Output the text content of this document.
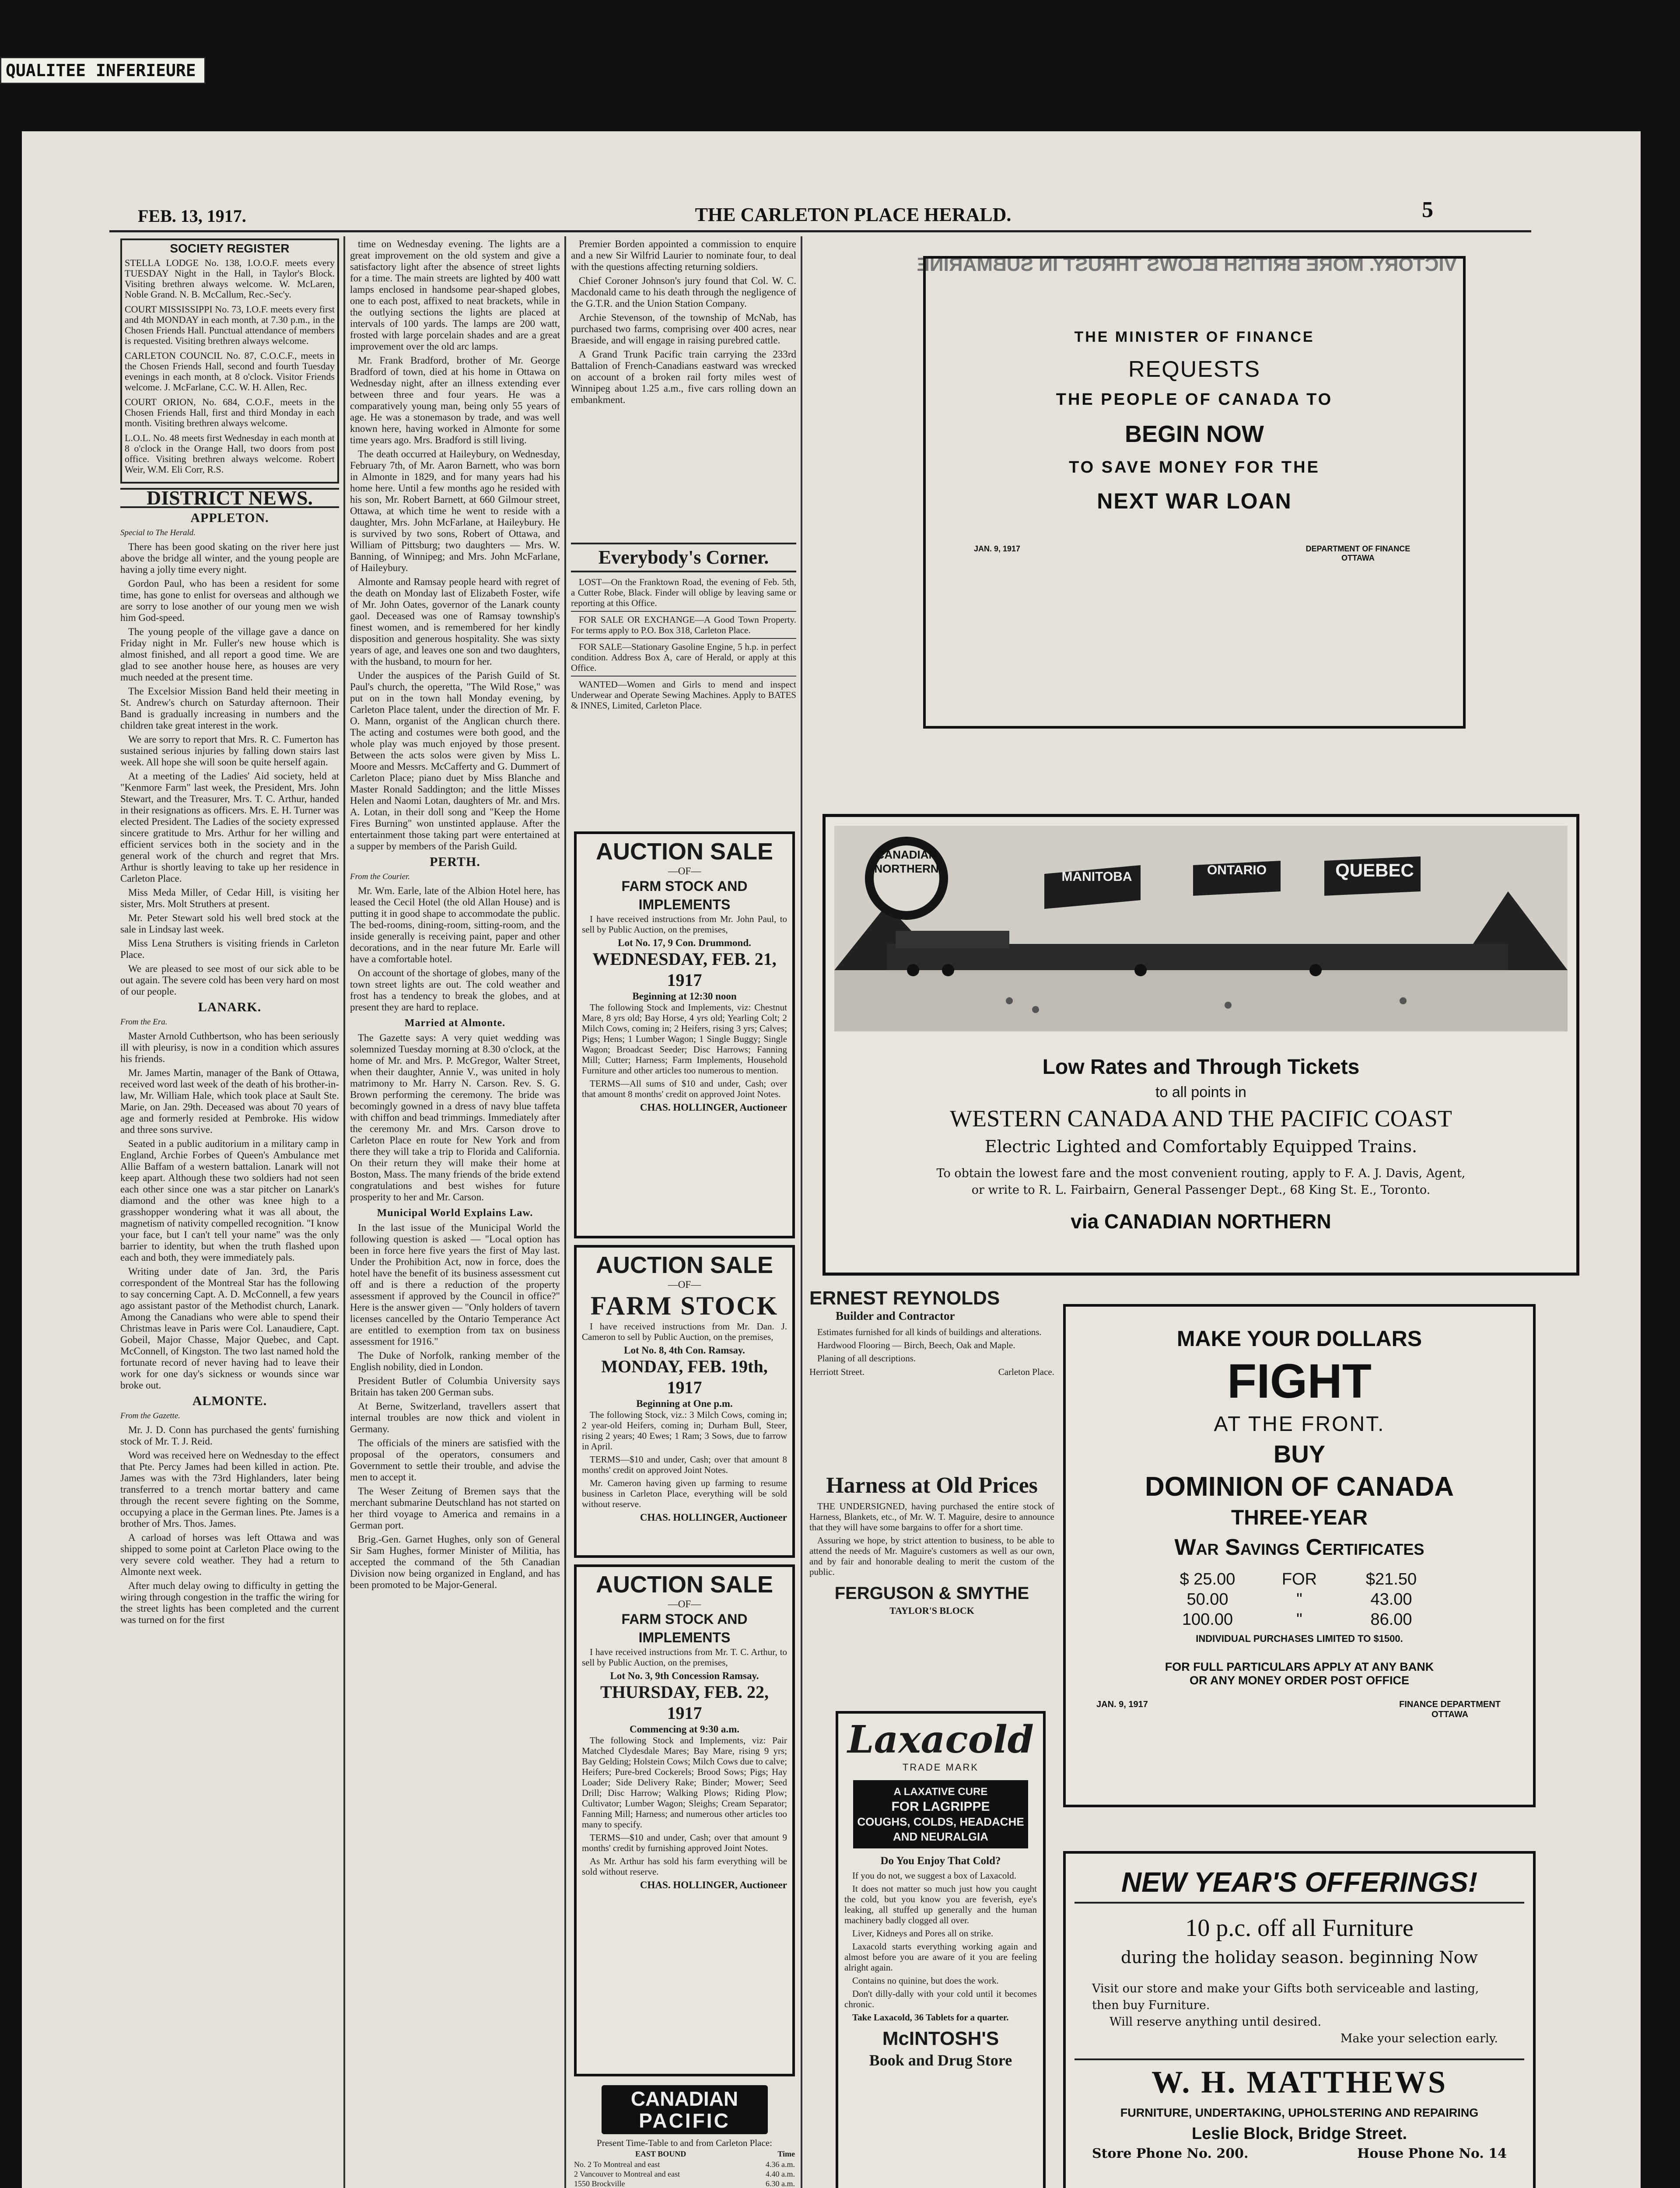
QUALITEE INFERIEURE
FEB. 13, 1917.	THE CARLETON PLACE HERALD.	5
VICTORY. MORE BRITISH BLOWS THRUST IN SUBMARINE
SOCIETY REGISTER
STELLA LODGE No. 138, I.O.O.F. meets every TUESDAY Night in the Hall, in Taylor's Block. Visiting brethren always welcome. W. McLaren, Noble Grand. N. B. McCallum, Rec.-Sec'y.
COURT MISSISSIPPI No. 73, I.O.F. meets every first and 4th MONDAY in each month, at 7.30 p.m., in the Chosen Friends Hall. Punctual attendance of members is requested. Visiting brethren always welcome.
CARLETON COUNCIL No. 87, C.O.C.F., meets in the Chosen Friends Hall, second and fourth Tuesday evenings in each month, at 8 o'clock. Visitor Friends welcome. J. McFarlane, C.C. W. H. Allen, Rec.
COURT ORION, No. 684, C.O.F., meets in the Chosen Friends Hall, first and third Monday in each month. Visiting brethren always welcome.
L.O.L. No. 48 meets first Wednesday in each month at 8 o'clock in the Orange Hall, two doors from post office. Visiting brethren always welcome. Robert Weir, W.M. Eli Corr, R.S.
DISTRICT NEWS.
APPLETON.

Special to The Herald.

There has been good skating on the river here just above the bridge all winter, and the young people are having a jolly time every night.

Gordon Paul, who has been a resident for some time, has gone to enlist for overseas and although we are sorry to lose another of our young men we wish him God-speed.

The young people of the village gave a dance on Friday night in Mr. Fuller's new house which is almost finished, and all report a good time. We are glad to see another house here, as houses are very much needed at the present time.

The Excelsior Mission Band held their meeting in St. Andrew's church on Saturday afternoon. Their Band is gradually increasing in numbers and the children take great interest in the work.

We are sorry to report that Mrs. R. C. Fumerton has sustained serious injuries by falling down stairs last week. All hope she will soon be quite herself again.

At a meeting of the Ladies' Aid society, held at "Kenmore Farm" last week, the President, Mrs. John Stewart, and the Treasurer, Mrs. T. C. Arthur, handed in their resignations as officers. Mrs. E. H. Turner was elected President. The Ladies of the society expressed sincere gratitude to Mrs. Arthur for her willing and efficient services both in the society and in the general work of the church and regret that Mrs. Arthur is shortly leaving to take up her residence in Carleton Place.

Miss Meda Miller, of Cedar Hill, is visiting her sister, Mrs. Molt Struthers at present.

Mr. Peter Stewart sold his well bred stock at the sale in Lindsay last week.

Miss Lena Struthers is visiting friends in Carleton Place.

We are pleased to see most of our sick able to be out again. The severe cold has been very hard on most of our people.

LANARK.

From the Era.

Master Arnold Cuthbertson, who has been seriously ill with pleurisy, is now in a condition which assures his friends.

Mr. James Martin, manager of the Bank of Ottawa, received word last week of the death of his brother-in-law, Mr. William Hale, which took place at Sault Ste. Marie, on Jan. 29th. Deceased was about 70 years of age and formerly resided at Pembroke. His widow and three sons survive.

Seated in a public auditorium in a military camp in England, Archie Forbes of Queen's Ambulance met Allie Baffam of a western battalion. Lanark will not keep apart. Although these two soldiers had not seen each other since one was a star pitcher on Lanark's diamond and the other was knee high to a grasshopper wondering what it was all about, the magnetism of nativity compelled recognition. "I know your face, but I can't tell your name" was the only barrier to identity, but when the truth flashed upon each and both, they were immediately pals.

Writing under date of Jan. 3rd, the Paris correspondent of the Montreal Star has the following to say concerning Capt. A. D. McConnell, a few years ago assistant pastor of the Methodist church, Lanark. Among the Canadians who were able to spend their Christmas leave in Paris were Col. Lanaudiere, Capt. Gobeil, Major Chasse, Major Quebec, and Capt. McConnell, of Kingston. The two last named hold the fortunate record of never having had to leave their work for one day's sickness or wounds since war broke out.

ALMONTE.

From the Gazette.

Mr. J. D. Conn has purchased the gents' furnishing stock of Mr. T. J. Reid.

Word was received here on Wednesday to the effect that Pte. Percy James had been killed in action. Pte. James was with the 73rd Highlanders, later being transferred to a trench mortar battery and came through the recent severe fighting on the Somme, occupying a place in the German lines. Pte. James is a brother of Mrs. Thos. James.

A carload of horses was left Ottawa and was shipped to some point at Carleton Place owing to the very severe cold weather. They had a return to Almonte next week.

After much delay owing to difficulty in getting the wiring through congestion in the traffic the wiring for the street lights has been completed and the current was turned on for the first

time on Wednesday evening. The lights are a great improvement on the old system and give a satisfactory light after the absence of street lights for a time. The main streets are lighted by 400 watt lamps enclosed in handsome pear-shaped globes, one to each post, affixed to neat brackets, while in the outlying sections the lights are placed at intervals of 100 yards. The lamps are 200 watt, frosted with large porcelain shades and are a great improvement over the old arc lamps.

Mr. Frank Bradford, brother of Mr. George Bradford of town, died at his home in Ottawa on Wednesday night, after an illness extending ever between three and four years. He was a comparatively young man, being only 55 years of age. He was a stonemason by trade, and was well known here, having worked in Almonte for some time years ago. Mrs. Bradford is still living.

The death occurred at Haileybury, on Wednesday, February 7th, of Mr. Aaron Barnett, who was born in Almonte in 1829, and for many years had his home here. Until a few months ago he resided with his son, Mr. Robert Barnett, at 660 Gilmour street, Ottawa, at which time he went to reside with a daughter, Mrs. John McFarlane, at Haileybury. He is survived by two sons, Robert of Ottawa, and William of Pittsburg; two daughters — Mrs. W. Banning, of Winnipeg; and Mrs. John McFarlane, of Haileybury.

Almonte and Ramsay people heard with regret of the death on Monday last of Elizabeth Foster, wife of Mr. John Oates, governor of the Lanark county gaol. Deceased was one of Ramsay township's finest women, and is remembered for her kindly disposition and generous hospitality. She was sixty years of age, and leaves one son and two daughters, with the husband, to mourn for her.

Under the auspices of the Parish Guild of St. Paul's church, the operetta, "The Wild Rose," was put on in the town hall Monday evening, by Carleton Place talent, under the direction of Mr. F. O. Mann, organist of the Anglican church there. The acting and costumes were both good, and the whole play was much enjoyed by those present. Between the acts solos were given by Miss L. Moore and Messrs. McCafferty and G. Dummert of Carleton Place; piano duet by Miss Blanche and Master Ronald Saddington; and the little Misses Helen and Naomi Lotan, daughters of Mr. and Mrs. A. Lotan, in their doll song and "Keep the Home Fires Burning" won unstinted applause. After the entertainment those taking part were entertained at a supper by members of the Parish Guild.

PERTH.

From the Courier.

Mr. Wm. Earle, late of the Albion Hotel here, has leased the Cecil Hotel (the old Allan House) and is putting it in good shape to accommodate the public. The bed-rooms, dining-room, sitting-room, and the inside generally is receiving paint, paper and other decorations, and in the near future Mr. Earle will have a comfortable hotel.

On account of the shortage of globes, many of the town street lights are out. The cold weather and frost has a tendency to break the globes, and at present they are hard to replace.

Married at Almonte.

The Gazette says: A very quiet wedding was solemnized Tuesday morning at 8.30 o'clock, at the home of Mr. and Mrs. P. McGregor, Walter Street, when their daughter, Annie V., was united in holy matrimony to Mr. Harry N. Carson. Rev. S. G. Brown performing the ceremony. The bride was becomingly gowned in a dress of navy blue taffeta with chiffon and bead trimmings. Immediately after the ceremony Mr. and Mrs. Carson drove to Carleton Place en route for New York and from there they will take a trip to Florida and California. On their return they will make their home at Boston, Mass. The many friends of the bride extend congratulations and best wishes for future prosperity to her and Mr. Carson.

Municipal World Explains Law.

In the last issue of the Municipal World the following question is asked — "Local option has been in force here five years the first of May last. Under the Prohibition Act, now in force, does the hotel have the benefit of its business assessment cut off and is there a reduction of the property assessment if approved by the Council in office?" Here is the answer given — "Only holders of tavern licenses cancelled by the Ontario Temperance Act are entitled to exemption from tax on business assessment for 1916."

The Duke of Norfolk, ranking member of the English nobility, died in London.

President Butler of Columbia University says Britain has taken 200 German subs.

At Berne, Switzerland, travellers assert that internal troubles are now thick and violent in Germany.

The officials of the miners are satisfied with the proposal of the operators, consumers and Government to settle their trouble, and advise the men to accept it.

The Weser Zeitung of Bremen says that the merchant submarine Deutschland has not started on her third voyage to America and remains in a German port.

Brig.-Gen. Garnet Hughes, only son of General Sir Sam Hughes, former Minister of Militia, has accepted the command of the 5th Canadian Division now being organized in England, and has been promoted to be Major-General.

Premier Borden appointed a commission to enquire and a new Sir Wilfrid Laurier to nominate four, to deal with the questions affecting returning soldiers.

Chief Coroner Johnson's jury found that Col. W. C. Macdonald came to his death through the negligence of the G.T.R. and the Union Station Company.

Archie Stevenson, of the township of McNab, has purchased two farms, comprising over 400 acres, near Braeside, and will engage in raising purebred cattle.

A Grand Trunk Pacific train carrying the 233rd Battalion of French-Canadians eastward was wrecked on account of a broken rail forty miles west of Winnipeg about 1.25 a.m., five cars rolling down an embankment.

Everybody's Corner.

LOST—On the Franktown Road, the evening of Feb. 5th, a Cutter Robe, Black. Finder will oblige by leaving same or reporting at this Office.

FOR SALE OR EXCHANGE—A Good Town Property. For terms apply to P.O. Box 318, Carleton Place.

FOR SALE—Stationary Gasoline Engine, 5 h.p. in perfect condition. Address Box A, care of Herald, or apply at this Office.

WANTED—Women and Girls to mend and inspect Underwear and Operate Sewing Machines. Apply to BATES & INNES, Limited, Carleton Place.

AUCTION SALE
—OF—
FARM STOCK AND IMPLEMENTS

I have received instructions from Mr. John Paul, to sell by Public Auction, on the premises,

Lot No. 17, 9 Con. Drummond.
WEDNESDAY, FEB. 21, 1917
Beginning at 12:30 noon

The following Stock and Implements, viz: Chestnut Mare, 8 yrs old; Bay Horse, 4 yrs old; Yearling Colt; 2 Milch Cows, coming in; 2 Heifers, rising 3 yrs; Calves; Pigs; Hens; 1 Lumber Wagon; 1 Single Buggy; Single Wagon; Broadcast Seeder; Disc Harrows; Fanning Mill; Cutter; Harness; Farm Implements, Household Furniture and other articles too numerous to mention.

TERMS—All sums of $10 and under, Cash; over that amount 8 months' credit on approved Joint Notes.

CHAS. HOLLINGER, Auctioneer
AUCTION SALE
—OF—
FARM STOCK

I have received instructions from Mr. Dan. J. Cameron to sell by Public Auction, on the premises,

Lot No. 8, 4th Con. Ramsay.
MONDAY, FEB. 19th, 1917
Beginning at One p.m.

The following Stock, viz.: 3 Milch Cows, coming in; 2 year-old Heifers, coming in; Durham Bull, Steer, rising 2 years; 40 Ewes; 1 Ram; 3 Sows, due to farrow in April.

TERMS—$10 and under, Cash; over that amount 8 months' credit on approved Joint Notes.

Mr. Cameron having given up farming to resume business in Carleton Place, everything will be sold without reserve.

CHAS. HOLLINGER, Auctioneer
AUCTION SALE
—OF—
FARM STOCK AND IMPLEMENTS

I have received instructions from Mr. T. C. Arthur, to sell by Public Auction, on the premises,

Lot No. 3, 9th Concession Ramsay.
THURSDAY, FEB. 22, 1917
Commencing at 9:30 a.m.

The following Stock and Implements, viz: Pair Matched Clydesdale Mares; Bay Mare, rising 9 yrs; Bay Gelding; Holstein Cows; Milch Cows due to calve; Heifers; Pure-bred Cockerels; Brood Sows; Pigs; Hay Loader; Side Delivery Rake; Binder; Mower; Seed Drill; Disc Harrow; Walking Plows; Riding Plow; Cultivator; Lumber Wagon; Sleighs; Cream Separator; Fanning Mill; Harness; and numerous other articles too many to specify.

TERMS—$10 and under, Cash; over that amount 9 months' credit by furnishing approved Joint Notes.

As Mr. Arthur has sold his farm everything will be sold without reserve.

CHAS. HOLLINGER, Auctioneer
CANADIAN
PACIFIC
Present Time-Table to and from Carleton Place:
EAST BOUND	Time
No. 2 To Montreal and east	4.36 a.m.
2 Vancouver to Montreal and east	4.40 a.m.
1550 Brockville	6.30 a.m.
THE MINISTER OF FINANCE
REQUESTS
THE PEOPLE OF CANADA TO
BEGIN NOW
TO SAVE MONEY FOR THE
NEXT WAR LOAN
JAN. 9, 1917	DEPARTMENT OF FINANCE OTTAWA
CANADIAN NORTHERN
MANITOBA	ONTARIO	QUEBEC
Low Rates and Through Tickets
to all points in
WESTERN CANADA AND THE PACIFIC COAST
Electric Lighted and Comfortably Equipped Trains.
To obtain the lowest fare and the most convenient routing, apply to F. A. J. Davis, Agent,
or write to R. L. Fairbairn, General Passenger Dept., 68 King St. E., Toronto.
via CANADIAN NORTHERN
ERNEST REYNOLDS
Builder and Contractor

Estimates furnished for all kinds of buildings and alterations.

Hardwood Flooring — Birch, Beech, Oak and Maple.

Planing of all descriptions.

Herriott Street.	Carleton Place.
Harness at Old Prices

THE UNDERSIGNED, having purchased the entire stock of Harness, Blankets, etc., of Mr. W. T. Maguire, desire to announce that they will have some bargains to offer for a short time.

Assuring we hope, by strict attention to business, to be able to attend the needs of Mr. Maguire's customers as well as our own, and by fair and honorable dealing to merit the custom of the public.

FERGUSON & SMYTHE
TAYLOR'S BLOCK
Laxacold
TRADE MARK
A LAXATIVE CURE
FOR LAGRIPPE
COUGHS, COLDS, HEADACHE
AND NEURALGIA
Do You Enjoy That Cold?

If you do not, we suggest a box of Laxacold.

It does not matter so much just how you caught the cold, but you know you are feverish, eye's leaking, all stuffed up generally and the human machinery badly clogged all over.

Liver, Kidneys and Pores all on strike.

Laxacold starts everything working again and almost before you are aware of it you are feeling alright again.

Contains no quinine, but does the work.

Don't dilly-dally with your cold until it becomes chronic.

Take Laxacold, 36 Tablets for a quarter.

McINTOSH'S
Book and Drug Store
MAKE YOUR DOLLARS
FIGHT
AT THE FRONT.
BUY
DOMINION OF CANADA
THREE-YEAR
War Savings Certificates
$ 25.00	FOR	$21.50
50.00	"	43.00
100.00	"	86.00
INDIVIDUAL PURCHASES LIMITED TO $1500.
FOR FULL PARTICULARS APPLY AT ANY BANK
OR ANY MONEY ORDER POST OFFICE
JAN. 9, 1917	FINANCE DEPARTMENT OTTAWA
NEW YEAR'S OFFERINGS!
10 p.c. off all Furniture
during the holiday season. beginning Now
Visit our store and make your Gifts both serviceable and lasting, then buy Furniture.
Will reserve anything until desired.
Make your selection early.
W. H. MATTHEWS
FURNITURE, UNDERTAKING, UPHOLSTERING AND REPAIRING
Leslie Block, Bridge Street.
Store Phone No. 200.	House Phone No. 14
